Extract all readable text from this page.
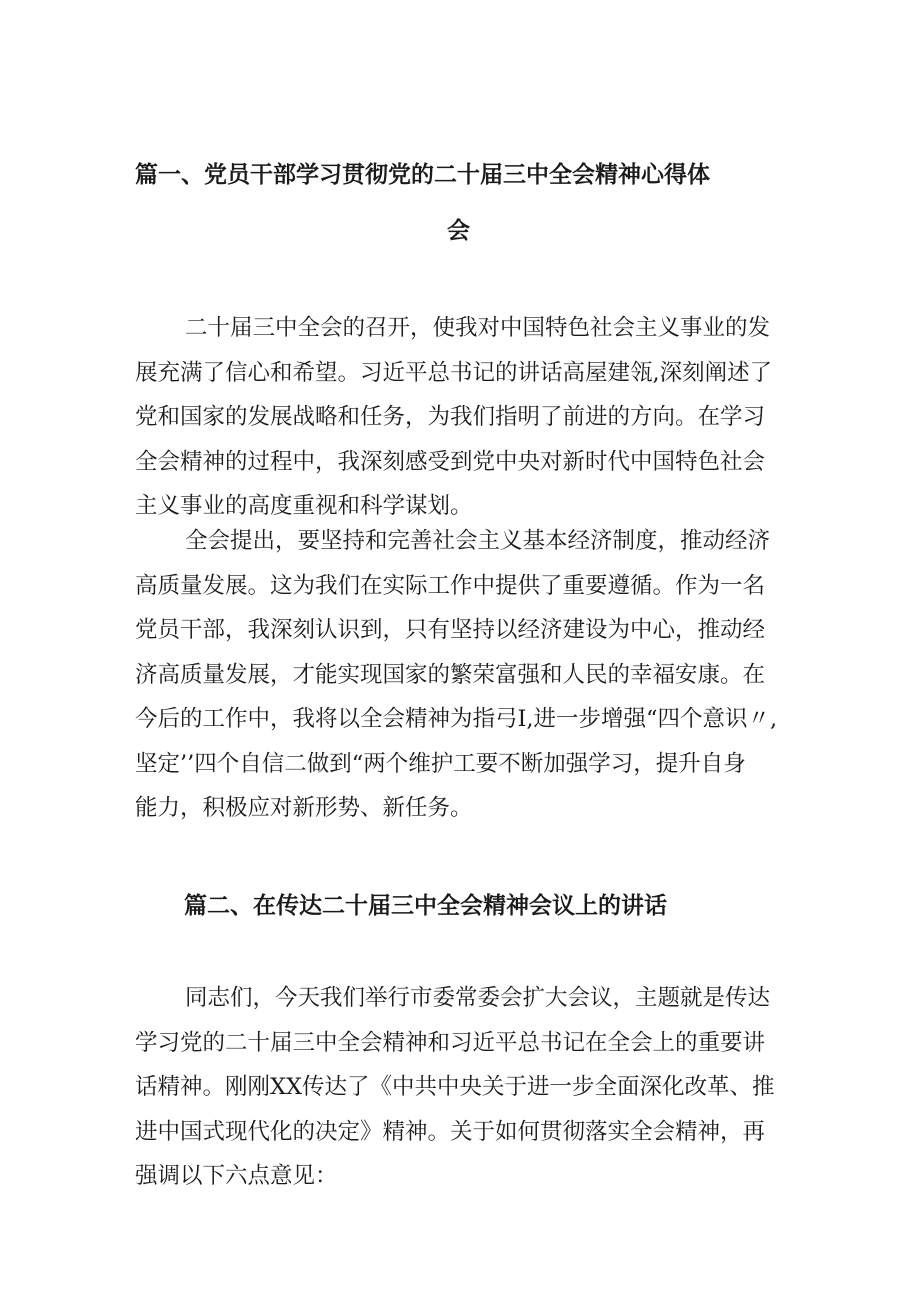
篇一、党员干部学习贯彻党的二十届三中全会精神心得体
会

二十届三中全会的召开，使我对中国特色社会主义事业的发
展充满了信心和希望。习近平总书记的讲话高屋建瓴,深刻阐述了
党和国家的发展战略和任务，为我们指明了前进的方向。在学习
全会精神的过程中，我深刻感受到党中央对新时代中国特色社会
主义事业的高度重视和科学谋划。

全会提出，要坚持和完善社会主义基本经济制度，推动经济
高质量发展。这为我们在实际工作中提供了重要遵循。作为一名
党员干部，我深刻认识到，只有坚持以经济建设为中心，推动经
济高质量发展，才能实现国家的繁荣富强和人民的幸福安康。在
今后的工作中，我将以全会精神为指弓I,进一步增强“四个意识〃,
坚定’’四个自信二做到“两个维护工要不断加强学习，提升自身
能力，积极应对新形势、新任务。

篇二、在传达二十届三中全会精神会议上的讲话

同志们，今天我们举行市委常委会扩大会议，主题就是传达
学习党的二十届三中全会精神和习近平总书记在全会上的重要讲
话精神。刚刚XX传达了《中共中央关于进一步全面深化改革、推
进中国式现代化的决定》精神。关于如何贯彻落实全会精神，再
强调以下六点意见：
